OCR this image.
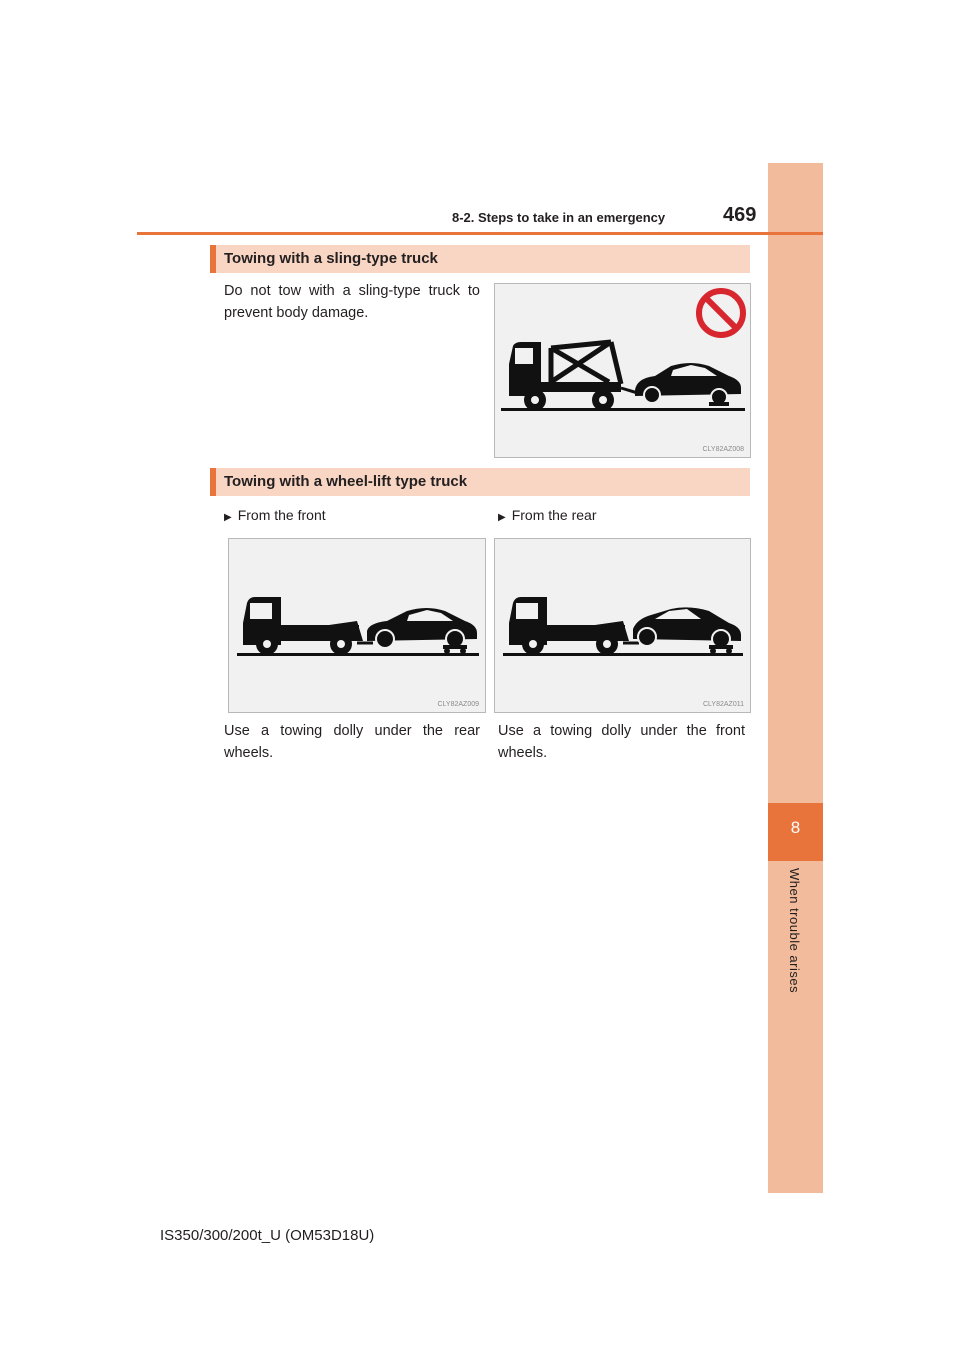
8
When trouble arises
8-2. Steps to take in an emergency	469
Towing with a sling-type truck
Do not tow with a sling-type truck to prevent body damage.
CLY82AZ008
Towing with a wheel-lift type truck
▶ From the front	▶ From the rear
CLY82AZ009	CLY82AZ011
Use a towing dolly under the rear wheels.
Use a towing dolly under the front wheels.
IS350/300/200t_U (OM53D18U)
